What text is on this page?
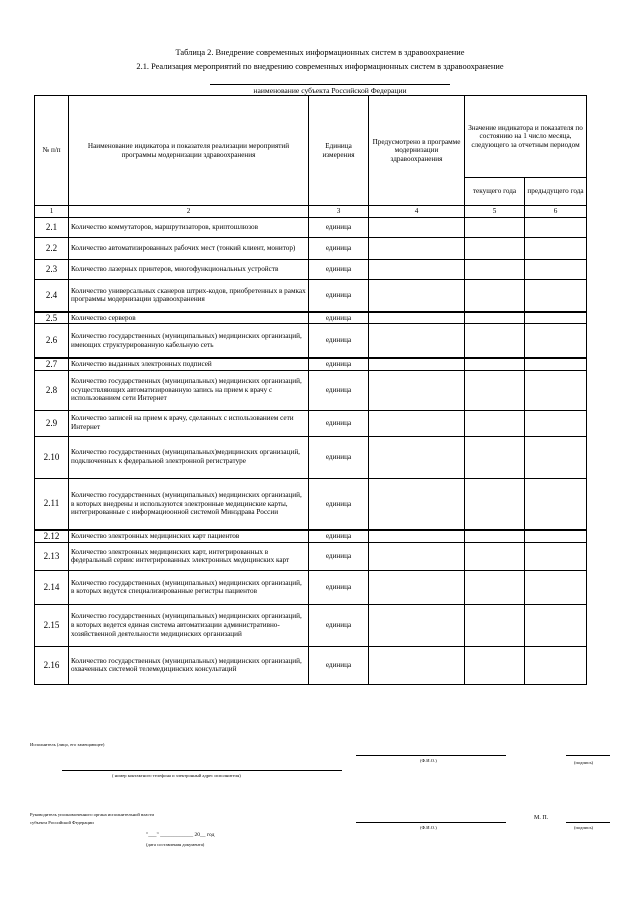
Таблица 2. Внедрение современных информационных систем в здравоохранение
2.1. Реализация мероприятий по внедрению современных информационных систем в здравоохранение
наименование субъекта Российской Федерации
№ п/п	Наименование индикатора и показателя реализации мероприятий программы модернизации здравоохранения	Единица измерения	Предусмотрено в программе модернизации здравоохранения	Значение индикатора и показателя по состоянию на 1 число месяца, следующего за отчетным периодом	
				текущего года	предыдущего года
1	2	3	4	5	6
2.1	Количество коммутаторов, маршрутизаторов, криптошлюзов	единица			
2.2	Количество автоматизированных рабочих мест (тонкий клиент, монитор)	единица			
2.3	Количество лазерных принтеров, многофункциональных устройств	единица			
2.4	Количество универсальных сканеров штрих-кодов, приобретенных в рамках программы модернизации здравоохранения	единица			
2.5	Количество серверов	единица			
2.6	Количество государственных (муниципальных) медицинских организаций, имеющих структурированную кабельную сеть	единица			
2.7	Количество выданных электронных подписей	единица			
2.8	Количество государственных (муниципальных) медицинских организаций, осуществляющих автоматизированную запись на прием к врачу с использованием сети Интернет	единица			
2.9	Количество записей на прием к врачу, сделанных с использованием сети Интернет	единица			
2.10	Количество государственных (муниципальных)медицинских организаций, подключенных к федеральной электронной регистратуре	единица			
2.11	Количество государственных (муниципальных) медицинских организаций, в которых внедрены и используются электронные медицинские карты, интегрированные с информациоонной системой Минздрава России	единица			
2.12	Количество электронных медицинских карт пациентов	единица			
2.13	Количество электронных медицинских карт, интегрированных в федеральный сервис интегрированных электронных медицинских карт	единица			
2.14	Количество государственных (муниципальных) медицинских организаций, в которых ведутся специализированные регистры пациентов	единица			
2.15	Количество государственных (муниципальных) медицинских организаций, в которых ведется единая система автоматизации административно-хозяйственной деятельности медицинских организаций	единица			
2.16	Количество государственных (муниципальных) медицинских организаций, охваченных системой телемедицинских консультаций	единица			
Исполнитель (лицо, его замещающее)
(Ф.И.О.)	(подпись)
( номер контактного телефона и электронный адрес исполнителя)
Руководитель уполномоченного органа исполнительной власти
субъекта Российской Федерации
(Ф.И.О.)
М. П.
(подпись)
"___" ____________ 20__ год
(дата составления документа)
